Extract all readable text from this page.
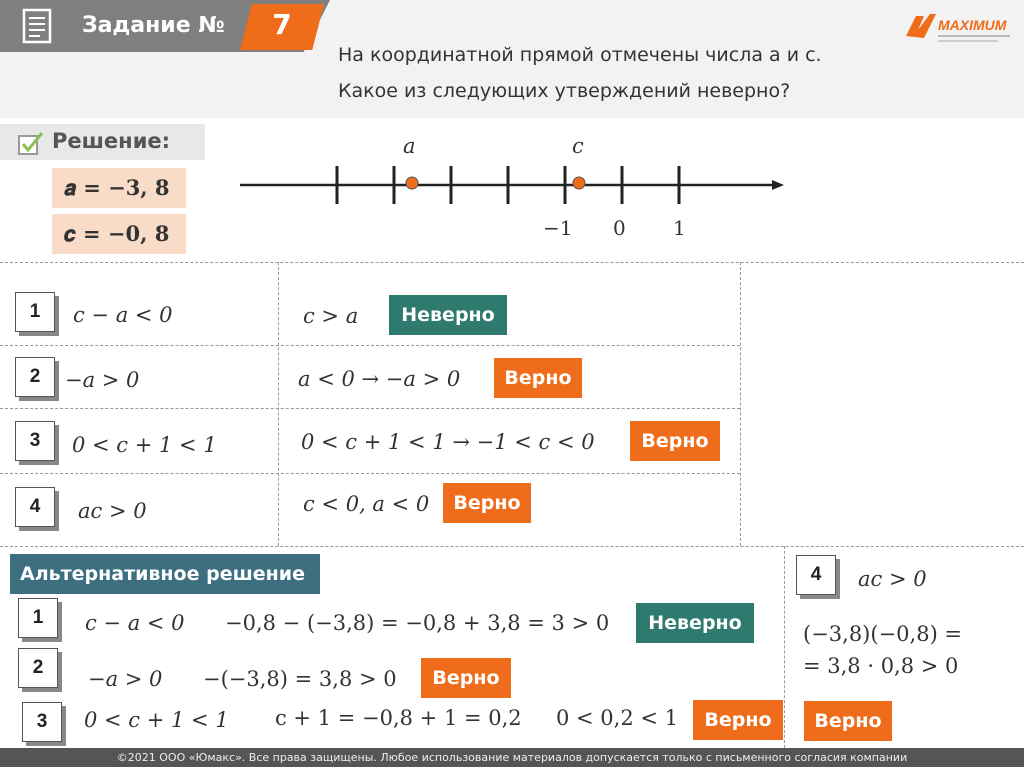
Задание №	7
На координатной прямой отмечены числа а и с.
Какое из следующих утверждений неверно?
MAXIMUM
Решение:
𝒂 = −𝟑, 𝟖
𝒄 = −𝟎, 𝟖
a	c
−1 0 1
1	c − a < 0	c > a	Неверно
2	−a > 0	a < 0 → −a > 0	Верно
3	0 < c + 1 < 1	0 < c + 1 < 1 → −1 < c < 0	Верно
4	ac > 0	c < 0, a < 0	Верно
Альтернативное решение
1	c − a < 0 −0,8 − (−3,8) = −0,8 + 3,8 = 3 > 0	Неверно
2	−a > 0 −(−3,8) = 3,8 > 0	Верно
3	0 < c + 1 < 1 c + 1 = −0,8 + 1 = 0,2 0 < 0,2 < 1	Верно
4	ac > 0
(−3,8)(−0,8) =
= 3,8 · 0,8 > 0
Верно
©2021 ООО «Юмакс». Все права защищены. Любое использование материалов допускается только с письменного согласия компании
